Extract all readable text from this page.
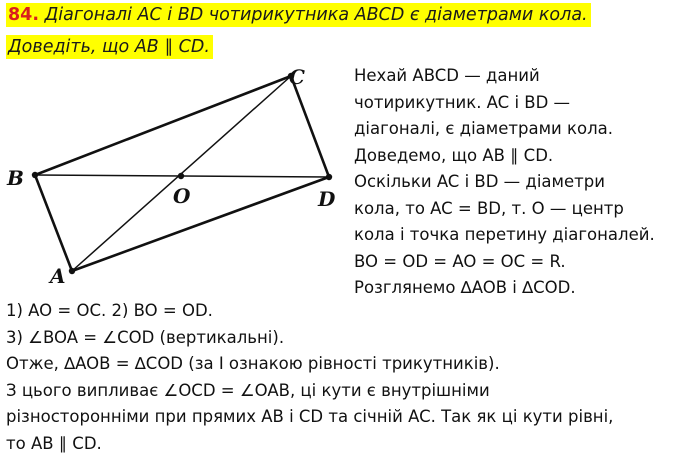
84. Діагоналі AC і BD чотирикутника ABCD є діаметрами кола.
Доведіть, що AB ∥ CD.
A
B
C
D
O
Нехай ABCD — даний
чотирикутник. AC і BD —
діагоналі, є діаметрами кола.
Доведемо, що AB ∥ CD.
Оскільки AC і BD — діаметри
кола, то AC = BD, т. O — центр
кола і точка перетину діагоналей.
BO = OD = AO = OC = R.
Розглянемо ∆AOB і ∆COD.
1) AO = OC. 2) BO = OD.
3) ∠BOA = ∠COD (вертикальні).
Отже, ∆AOB = ∆COD (за I ознакою рівності трикутників).
З цього випливає ∠OCD = ∠OAB, ці кути є внутрішніми
різносторонніми при прямих AB і CD та січній AC. Так як ці кути рівні,
то AB ∥ CD.
